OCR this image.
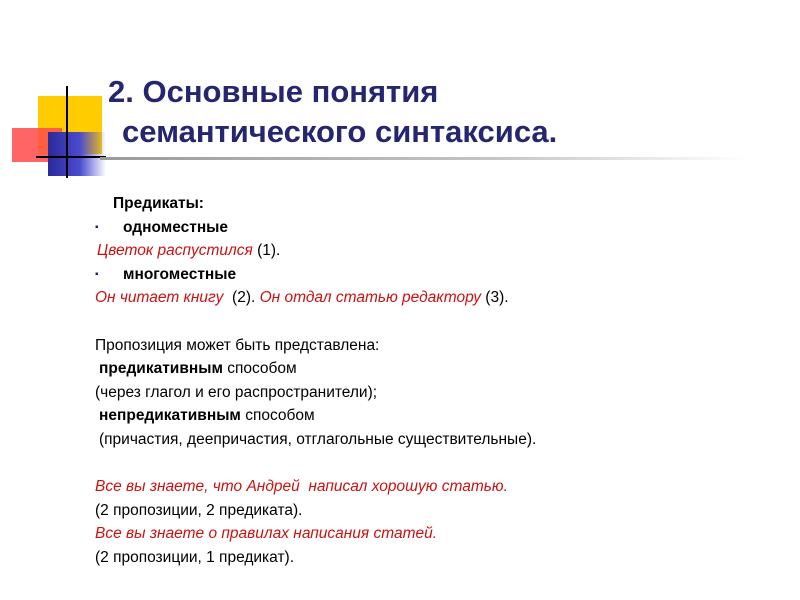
2. Основные понятия
семантического синтаксиса.
Предикаты:
▪ одноместные
Цветок распустился (1).
▪ многоместные
Он читает книгу  (2). Он отдал статью редактору (3).
Пропозиция может быть представлена:
предикативным способом
(через глагол и его распространители);
непредикативным способом
(причастия, деепричастия, отглагольные существительные).
Все вы знаете, что Андрей  написал хорошую статью.
(2 пропозиции, 2 предиката).
Все вы знаете о правилах написания статей.
(2 пропозиции, 1 предикат).
